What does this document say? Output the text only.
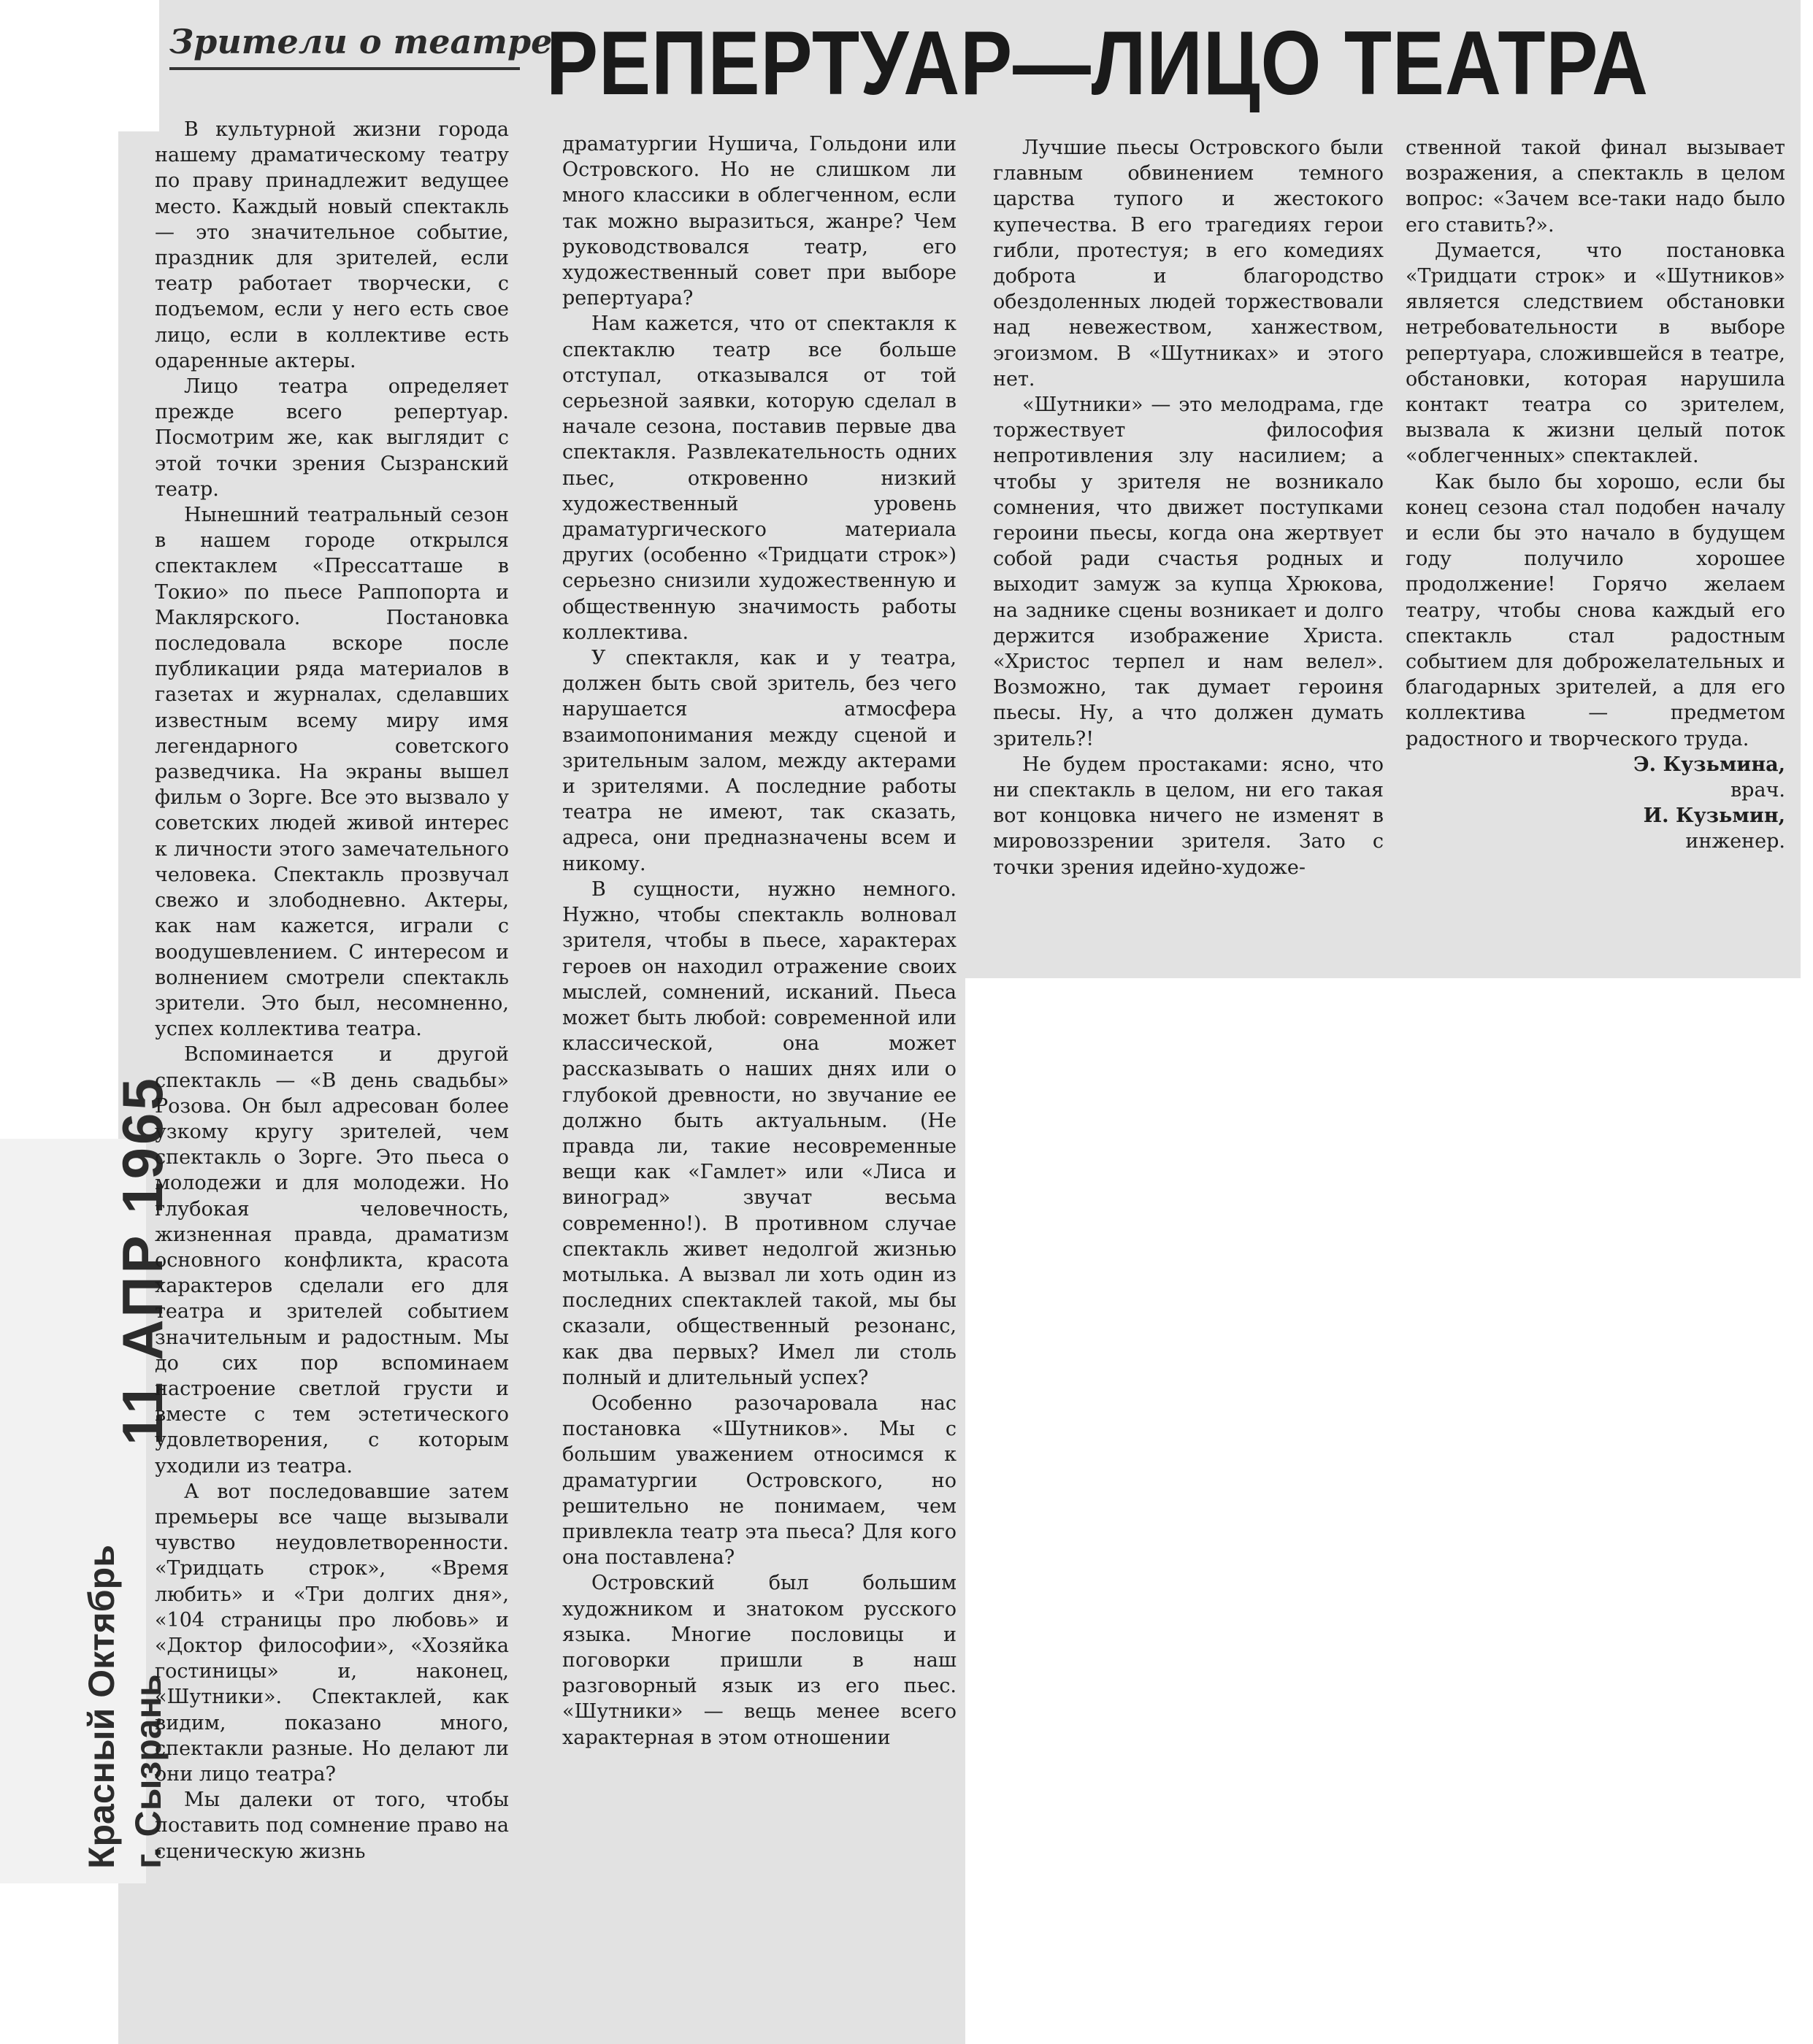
Зрители о театре
РЕПЕРТУАР—ЛИЦО ТЕАТРА
11 АПР 1965
Красный Октябрь г. Сызрань

В культурной жизни города нашему драматическому театру по праву принадлежит ведущее место. Каждый новый спектакль — это значительное событие, праздник для зрителей, если театр работает творчески, с подъемом, если у него есть свое лицо, если в коллективе есть одаренные актеры.

Лицо театра определяет прежде всего репертуар. Посмотрим же, как выглядит с этой точки зрения Сызранский театр.

Нынешний театральный сезон в нашем городе открылся спектаклем «Прессатташе в Токио» по пьесе Раппопорта и Маклярского. Постановка последовала вскоре после публикации ряда материалов в газетах и журналах, сделавших известным всему миру имя легендарного советского разведчика. На экраны вышел фильм о Зорге. Все это вызвало у советских людей живой интерес к личности этого замечательного человека. Спектакль прозвучал свежо и злободневно. Актеры, как нам кажется, играли с воодушевлением. С интересом и волнением смотрели спектакль зрители. Это был, несомненно, успех коллектива театра.

Вспоминается и другой спектакль — «В день свадьбы» Розова. Он был адресован более узкому кругу зрителей, чем спектакль о Зорге. Это пьеса о молодежи и для молодежи. Но глубокая человечность, жизненная правда, драматизм основного конфликта, красота характеров сделали его для театра и зрителей событием значительным и радостным. Мы до сих пор вспоминаем настроение светлой грусти и вместе с тем эстетического удовлетворения, с которым уходили из театра.

А вот последовавшие затем премьеры все чаще вызывали чувство неудовлетворенности. «Тридцать строк», «Время любить» и «Три долгих дня», «104 страницы про любовь» и «Доктор философии», «Хозяйка гостиницы» и, наконец, «Шутники». Спектаклей, как видим, показано много, спектакли разные. Но делают ли они лицо театра?

Мы далеки от того, чтобы поставить под сомнение право на сценическую жизнь

драматургии Нушича, Гольдони или Островского. Но не слишком ли много классики в облегченном, если так можно выразиться, жанре? Чем руководствовался театр, его художественный совет при выборе репертуара?

Нам кажется, что от спектакля к спектаклю театр все больше отступал, отказывался от той серьезной заявки, которую сделал в начале сезона, поставив первые два спектакля. Развлекательность одних пьес, откровенно низкий художественный уровень драматургического материала других (особенно «Тридцати строк») серьезно снизили художественную и общественную значимость работы коллектива.

У спектакля, как и у театра, должен быть свой зритель, без чего нарушается атмосфера взаимопонимания между сценой и зрительным залом, между актерами и зрителями. А последние работы театра не имеют, так сказать, адреса, они предназначены всем и никому.

В сущности, нужно немного. Нужно, чтобы спектакль волновал зрителя, чтобы в пьесе, характерах героев он находил отражение своих мыслей, сомнений, исканий. Пьеса может быть любой: современной или классической, она может рассказывать о наших днях или о глубокой древности, но звучание ее должно быть актуальным. (Не правда ли, такие несовременные вещи как «Гамлет» или «Лиса и виноград» звучат весьма современно!). В противном случае спектакль живет недолгой жизнью мотылька. А вызвал ли хоть один из последних спектаклей такой, мы бы сказали, общественный резонанс, как два первых? Имел ли столь полный и длительный успех?

Особенно разочаровала нас постановка «Шутников». Мы с большим уважением относимся к драматургии Островского, но решительно не понимаем, чем привлекла театр эта пьеса? Для кого она поставлена?

Островский был большим художником и знатоком русского языка. Многие пословицы и поговорки пришли в наш разговорный язык из его пьес. «Шутники» — вещь менее всего характерная в этом отношении

Лучшие пьесы Островского были главным обвинением темного царства тупого и жестокого купечества. В его трагедиях герои гибли, протестуя; в его комедиях доброта и благородство обездоленных людей торжествовали над невежеством, ханжеством, эгоизмом. В «Шутниках» и этого нет.

«Шутники» — это мелодрама, где торжествует философия непротивления злу насилием; а чтобы у зрителя не возникало сомнения, что движет поступками героини пьесы, когда она жертвует собой ради счастья родных и выходит замуж за купца Хрюкова, на заднике сцены возникает и долго держится изображение Христа. «Христос терпел и нам велел». Возможно, так думает героиня пьесы. Ну, а что должен думать зритель?!

Не будем простаками: ясно, что ни спектакль в целом, ни его такая вот концовка ничего не изменят в мировоззрении зрителя. Зато с точки зрения идейно-художе-

ственной такой финал вызывает возражения, а спектакль в целом вопрос: «Зачем все-таки надо было его ставить?».

Думается, что постановка «Тридцати строк» и «Шутников» является следствием обстановки нетребовательности в выборе репертуара, сложившейся в театре, обстановки, которая нарушила контакт театра со зрителем, вызвала к жизни целый поток «облегченных» спектаклей.

Как было бы хорошо, если бы конец сезона стал подобен началу и если бы это начало в будущем году получило хорошее продолжение! Горячо желаем театру, чтобы снова каждый его спектакль стал радостным событием для доброжелательных и благодарных зрителей, а для его коллектива — предметом радостного и творческого труда.

Э. Кузьмина,

врач.

И. Кузьмин,

инженер.
